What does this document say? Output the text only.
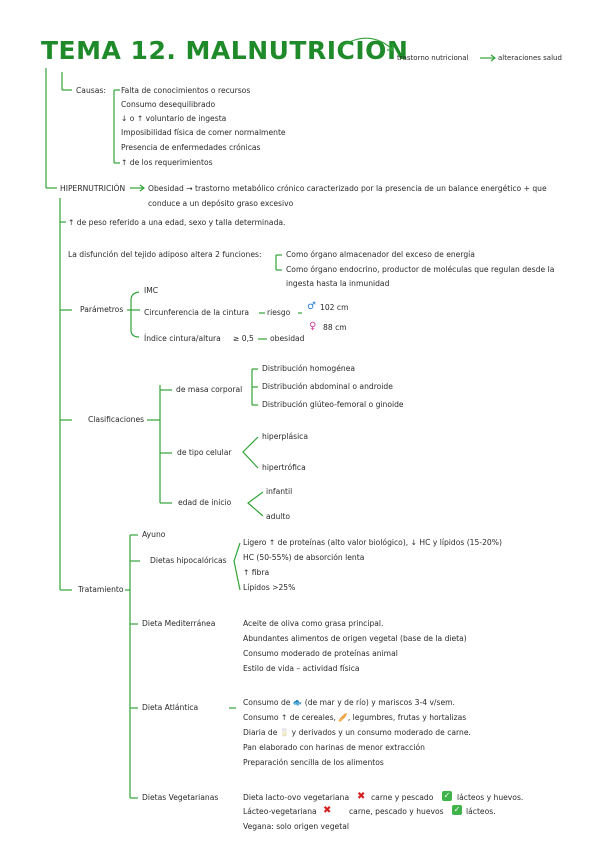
TEMA 12. MALNUTRICION
trastorno nutricional	alteraciones salud
Causas: Falta de conocimientos o recursos
Consumo desequilibrado
↓ o ↑ voluntario de ingesta
Imposibilidad física de comer normalmente
Presencia de enfermedades crónicas
↑ de los requerimientos
HIPERNUTRICIÓN	Obesidad → trastorno metabólico crónico caracterizado por la presencia de un balance energético + que
conduce a un depósito graso excesivo
↑ de peso referido a una edad, sexo y talla determinada.
La disfunción del tejido adiposo altera 2 funciones:	Como órgano almacenador del exceso de energía
Como órgano endocrino, productor de moléculas que regulan desde la
ingesta hasta la inmunidad
Parámetros
IMC
Circunferencia de la cintura riesgo
♂ 102 cm
♀ 88 cm
Índice cintura/altura ≥ 0,5 obesidad
Clasificaciones
de masa corporal
Distribución homogénea
Distribución abdominal o androide
Distribución glúteo-femoral o ginoide
de tipo celular
hiperplásica
hipertrófica
edad de inicio
infantil
adulto
Tratamiento
Ayuno
Dietas hipocalóricas
Ligero ↑ de proteínas (alto valor biológico), ↓ HC y lípidos (15-20%)
HC (50-55%) de absorción lenta
↑ fibra
Lípidos >25%
Dieta Mediterránea	Aceite de oliva como grasa principal.
Abundantes alimentos de origen vegetal (base de la dieta)
Consumo moderado de proteínas animal
Estilo de vida – actividad física
Dieta Atlántica
Consumo de 🐟 (de mar y de río) y mariscos 3-4 v/sem.
Consumo ↑ de cereales, 🥖, legumbres, frutas y hortalizas
Diaria de 🥛 y derivados y un consumo moderado de carne.
Pan elaborado con harinas de menor extracción
Preparación sencilla de los alimentos
Dietas Vegetarianas	Dieta lacto-ovo vegetariana ✖ carne y pescado ✓ lácteos y huevos.
Lácteo-vegetariana ✖ carne, pescado y huevos ✓ lácteos.
Vegana: solo origen vegetal
